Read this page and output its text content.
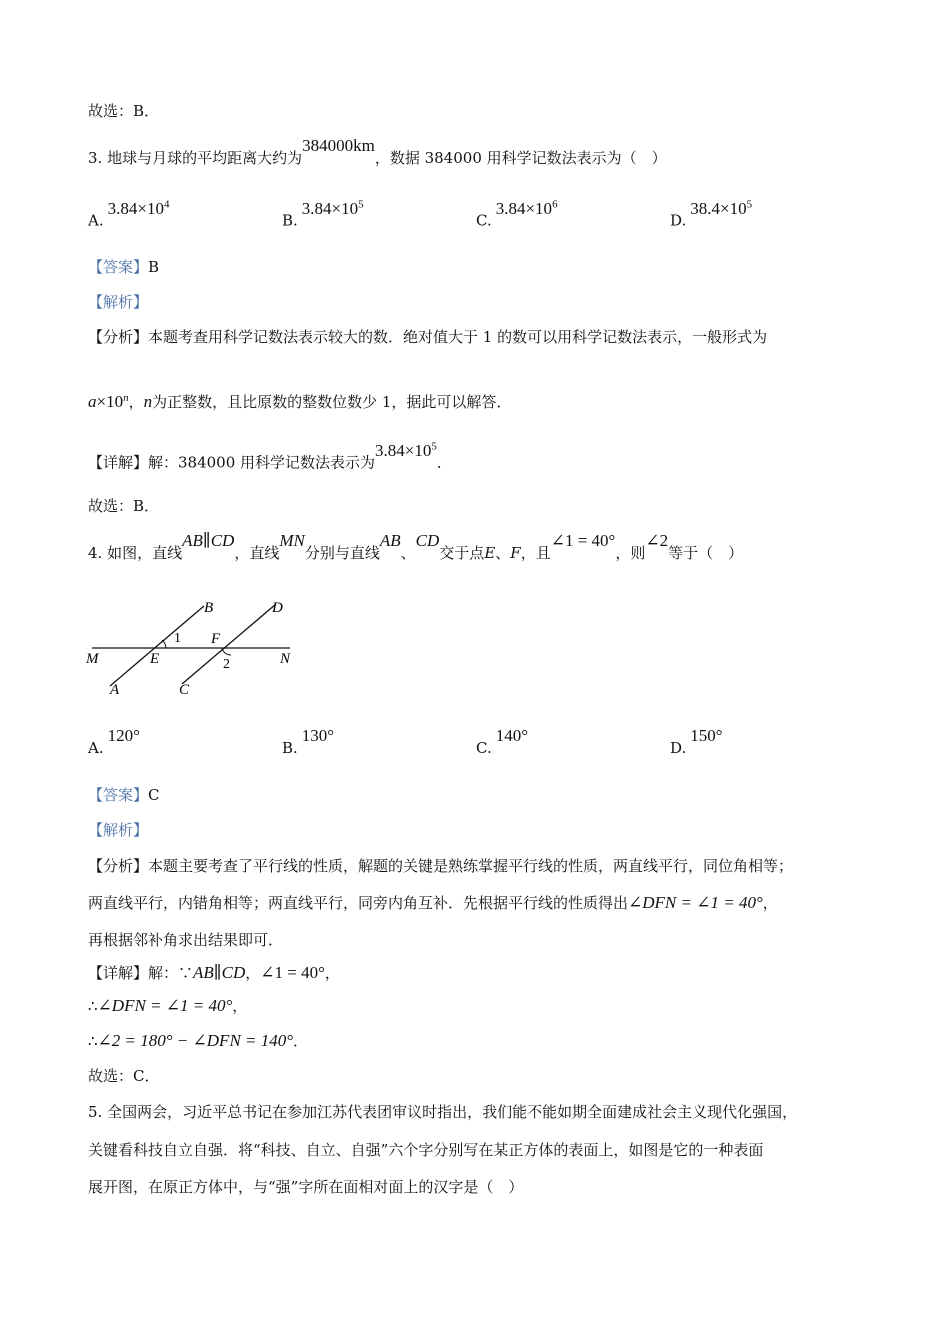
故选：B．
3. 地球与月球的平均距离大约为384000km，数据 384000 用科学记数法表示为（　）
$A.3.84\times 10^4$
$B.3.84\times 10^5$
$C.3.84\times 10^6$
$D.38.4\times 10^5$
【答案】B
【解析】
【分析】本题考查用科学记数法表示较大的数．绝对值大于 1 的数可以用科学记数法表示，一般形式为
$a\times 10^n$，n为正整数，且比原数的整数位数少 1，据此可以解答．
【详解】解：384000 用科学记数法表示为$3.84\times 10^5$．
故选：B．
4. 如图，直线AB∥CD，直线MN分别与直线AB、CD交于点E、F，且∠1 = 40°，则∠2等于（　）
B	D
1 F
M	E	2	N
A	C
A.120°
B.130°
C.140°
D.150°
【答案】C
【解析】
【分析】本题主要考查了平行线的性质，解题的关键是熟练掌握平行线的性质，两直线平行，同位角相等；
两直线平行，内错角相等；两直线平行，同旁内角互补．先根据平行线的性质得出∠DFN = ∠1 = 40°，
再根据邻补角求出结果即可．
【详解】解：∵AB∥CD，∠1 = 40°，
∴∠DFN = ∠1 = 40°，
∴∠2 = 180° − ∠DFN = 140°．
故选：C．
5. 全国两会，习近平总书记在参加江苏代表团审议时指出，我们能不能如期全面建成社会主义现代化强国，
关键看科技自立自强．将“科技、自立、自强”六个字分别写在某正方体的表面上，如图是它的一种表面
展开图，在原正方体中，与“强”字所在面相对面上的汉字是（　）
